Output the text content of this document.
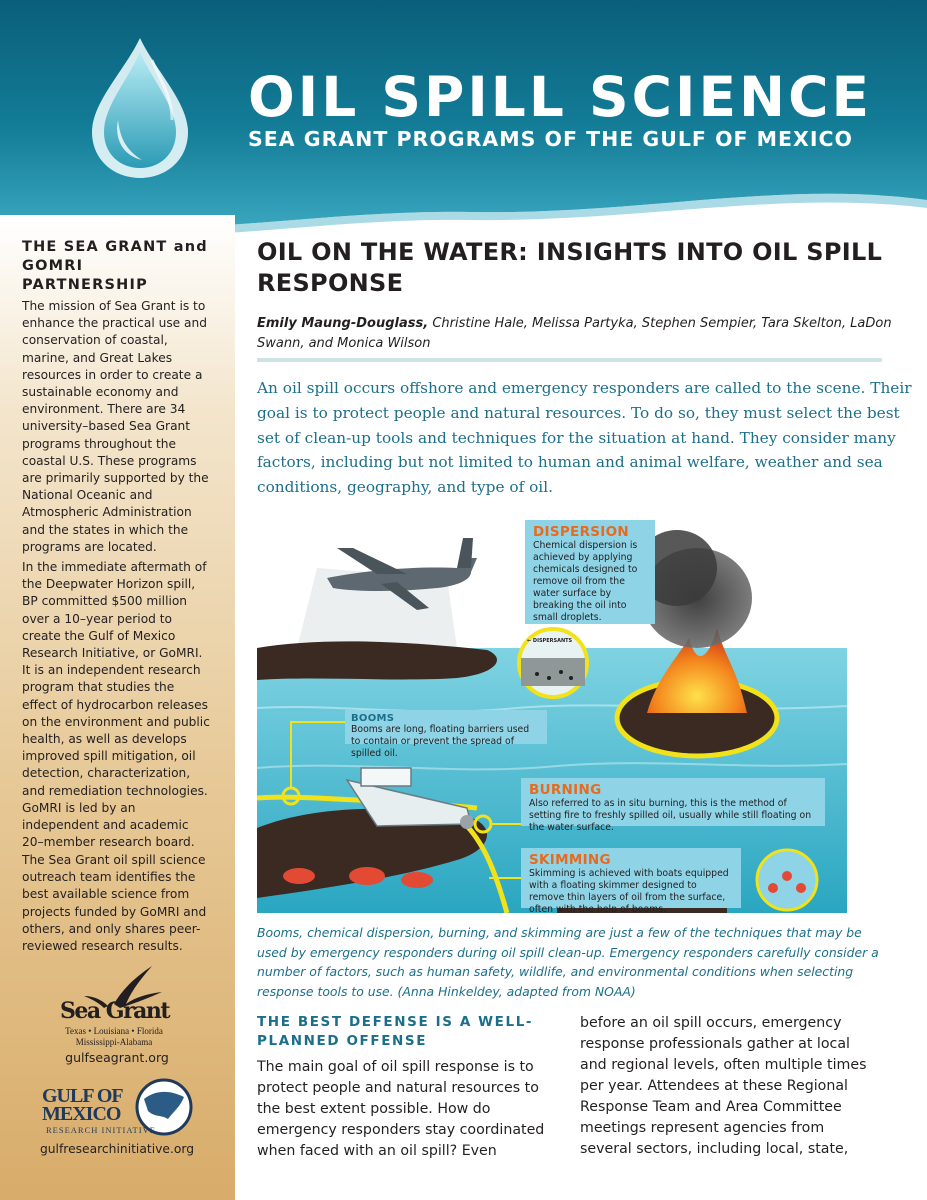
OIL SPILL SCIENCE
SEA GRANT PROGRAMS OF THE GULF OF MEXICO
THE SEA GRANT and GOMRI PARTNERSHIP

The mission of Sea Grant is to enhance the practical use and conservation of coastal, marine, and Great Lakes resources in order to create a sustainable economy and environment. There are 34 university–based Sea Grant programs throughout the coastal U.S. These programs are primarily supported by the National Oceanic and Atmospheric Administration and the states in which the programs are located.

In the immediate aftermath of the Deepwater Horizon spill, BP committed $500 million over a 10–year period to create the Gulf of Mexico Research Initiative, or GoMRI. It is an independent research program that studies the effect of hydrocarbon releases on the environment and public health, as well as develops improved spill mitigation, oil detection, characterization, and remediation technologies. GoMRI is led by an independent and academic 20–member research board.

The Sea Grant oil spill science outreach team identifies the best available science from projects funded by GoMRI and others, and only shares peer-reviewed research results.

Sea Grant
Texas • Louisiana • Florida
Mississippi-Alabama
gulfseagrant.org
GULF OF
MEXICO
RESEARCH INITIATIVE
gulfresearchinitiative.org
OIL ON THE WATER: INSIGHTS INTO OIL SPILL RESPONSE
Emily Maung-Douglass, Christine Hale, Melissa Partyka, Stephen Sempier, Tara Skelton, LaDon Swann, and Monica Wilson

An oil spill occurs offshore and emergency responders are called to the scene. Their goal is to protect people and natural resources. To do so, they must select the best set of clean-up tools and techniques for the situation at hand. They consider many factors, including but not limited to human and animal welfare, weather and sea conditions, geography, and type of oil.

DISPERSION
Chemical dispersion is achieved by applying chemicals designed to remove oil from the water surface by breaking the oil into small droplets.
← DISPERSANTS
BOOMS
Booms are long, floating barriers used to contain or prevent the spread of spilled oil.
BURNING
Also referred to as in situ burning, this is the method of setting fire to freshly spilled oil, usually while still floating on the water surface.
SKIMMING
Skimming is achieved with boats equipped with a floating skimmer designed to remove thin layers of oil from the surface, often with the help of booms.

Booms, chemical dispersion, burning, and skimming are just a few of the techniques that may be used by emergency responders during oil spill clean-up. Emergency responders carefully consider a number of factors, such as human safety, wildlife, and environmental conditions when selecting response tools to use. (Anna Hinkeldey, adapted from NOAA)

THE BEST DEFENSE IS A WELL-PLANNED OFFENSE

The main goal of oil spill response is to protect people and natural resources to the best extent possible. How do emergency responders stay coordinated when faced with an oil spill? Even

before an oil spill occurs, emergency response professionals gather at local and regional levels, often multiple times per year. Attendees at these Regional Response Team and Area Committee meetings represent agencies from several sectors, including local, state,
